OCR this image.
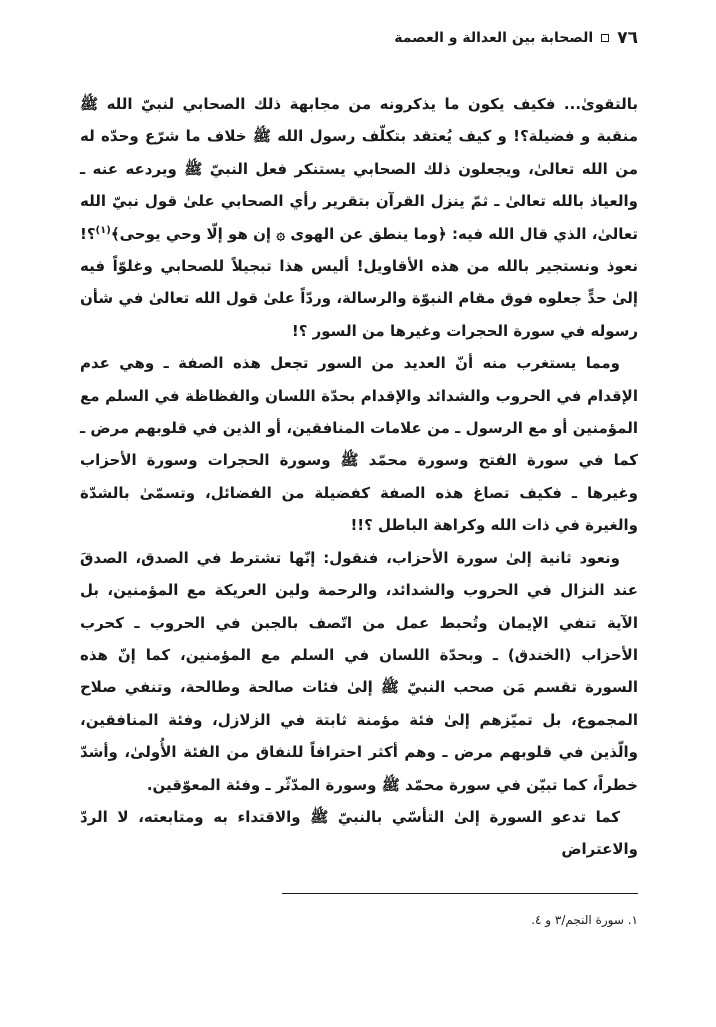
٧٦
الصحابة بين العدالة و العصمة

بالتقوىٰ... فكيف يكون ما يذكرونه من مجابهة ذلك الصحابي لنبيّ الله ﷺ منقبة و فضيلة؟! و كيف يُعتقد بتكلّف رسول الله ﷺ خلاف ما شرّع وحدّه له من الله تعالىٰ، ويجعلون ذلك الصحابي يستنكر فعل النبيّ ﷺ ويردعه عنه ـ والعياذ بالله تعالىٰ ـ ثمّ ينزل القرآن بتقرير رأي الصحابي علىٰ قول نبيّ الله تعالىٰ، الذي قال الله فيه: ﴿وما ينطق عن الهوى ۞ إن هو إلّا وحي يوحى﴾$^{(١)}$؟! نعوذ ونستجير بالله من هذه الأقاويل! أليس هذا تبجيلاً للصحابي وغلوّاً فيه إلىٰ حدٍّ جعلوه فوق مقام النبوّة والرسالة، وردّاً علىٰ قول الله تعالىٰ في شأن رسوله في سورة الحجرات وغيرها من السور ؟!

ومما يستغرب منه أنّ العديد من السور تجعل هذه الصفة ـ وهي عدم الإقدام في الحروب والشدائد والإقدام بحدّة اللسان والفظاظة في السلم مع المؤمنين أو مع الرسول ـ من علامات المنافقين، أو الذين في قلوبهم مرض ـ كما في سورة الفتح وسورة محمّد ﷺ وسورة الحجرات وسورة الأحزاب وغيرها ـ فكيف تصاغ هذه الصفة كفضيلة من الفضائل، وتسمّىٰ بالشدّة والغيرة في ذات الله وكراهة الباطل ؟!!

ونعود ثانية إلىٰ سورة الأحزاب، فنقول: إنّها تشترط في الصدق، الصدقَ عند النزال في الحروب والشدائد، والرحمة ولين العريكة مع المؤمنين، بل الآية تنفي الإيمان وتُحبط عمل من اتّصف بالجبن في الحروب ـ كحرب الأحزاب (الخندق) ـ وبحدّة اللسان في السلم مع المؤمنين، كما إنّ هذه السورة تقسم مَن صحب النبيّ ﷺ إلىٰ فئات صالحة وطالحة، وتنفي صلاح المجموع، بل تميّزهم إلىٰ فئة مؤمنة ثابتة في الزلازل، وفئة المنافقين، والّذين في قلوبهم مرض ـ وهم أكثر احترافاً للنفاق من الفئة الأُولىٰ، وأشدّ خطراً، كما تبيّن في سورة محمّد ﷺ وسورة المدّثّر ـ وفئة المعوّقين.

كما تدعو السورة إلىٰ التأسّي بالنبيّ ﷺ والاقتداء به ومتابعته، لا الردّ والاعتراض

١. سورة النجم/٣ و ٤.
